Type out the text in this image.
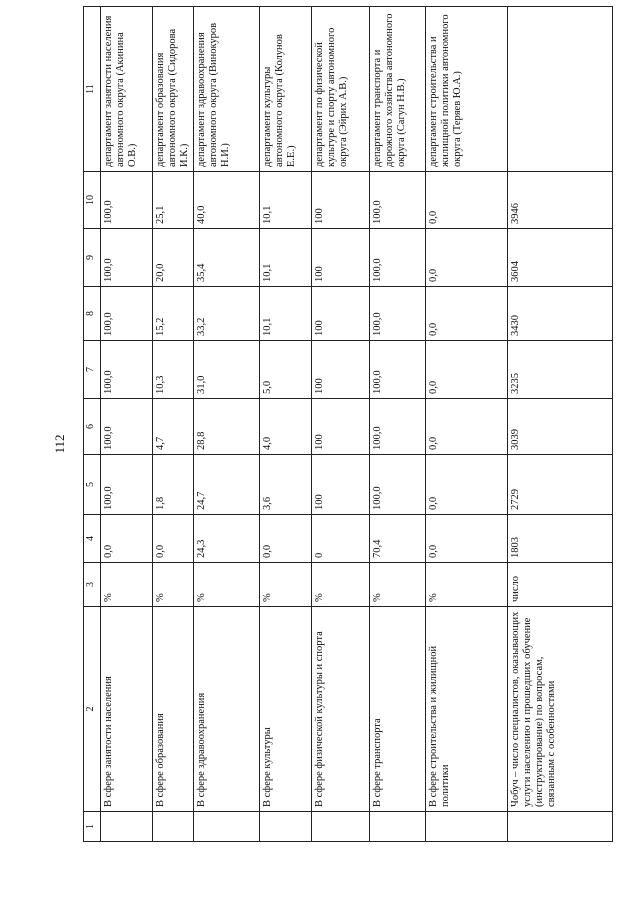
112
1	2	3	4	5	6	7	8	9	10	11
	В сфере занятости населения	%	0,0	100,0	100,0	100,0	100,0	100,0	100,0	департамент занятости населения автономного округа (Акинина О.В.)
	В сфере образования	%	0,0	1,8	4,7	10,3	15,2	20,0	25,1	департамент образования автономного округа (Сидорова И.К.)
	В сфере здравоохранения	%	24,3	24,7	28,8	31,0	33,2	35,4	40,0	департамент здравоохранения автономного округа (Винокуров Н.И.)
	В сфере культуры	%	0,0	3,6	4,0	5,0	10,1	10,1	10,1	департамент культуры автономного округа (Колунов Е.Е.)
	В сфере физической культуры и спорта	%	0	100	100	100	100	100	100	департамент по физической культуре и спорту автономного округа (Эйрих А.В.)
	В сфере транспорта	%	70,4	100,0	100,0	100,0	100,0	100,0	100,0	департамент транспорта и дорожного хозяйства автономного округа (Сагун Н.В.)
	В сфере строительства и жилищной политики	%	0,0	0,0	0,0	0,0	0,0	0,0	0,0	департамент строительства и жилищной политики автономного округа (Теряев Ю.А.)
	Чобуч – число специалистов, оказывающих услуги населению и прошедших обучение (инструктирование) по вопросам, связанным с особенностями	число	1803	2729	3039	3235	3430	3604	3946	
